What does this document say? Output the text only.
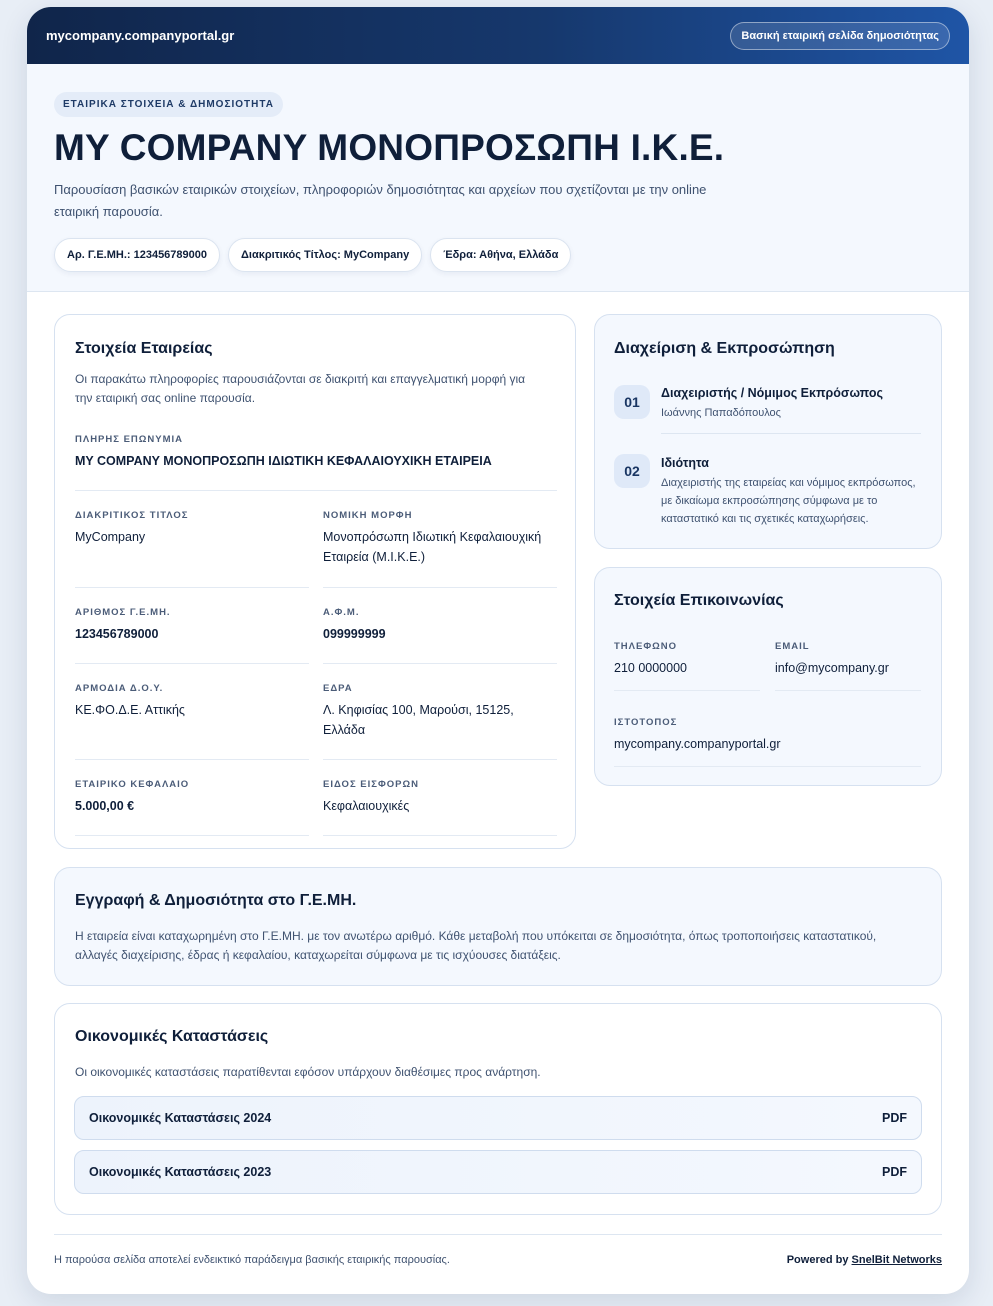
mycompany.companyportal.gr	Βασική εταιρική σελίδα δημοσιότητας
ΕΤΑΙΡΙΚΑ ΣΤΟΙΧΕΙΑ & ΔΗΜΟΣΙΟΤΗΤΑ
MY COMPANY ΜΟΝΟΠΡΟΣΩΠΗ Ι.Κ.Ε.

Παρουσίαση βασικών εταιρικών στοιχείων, πληροφοριών δημοσιότητας και αρχείων που σχετίζονται με την online εταιρική παρουσία.

Αρ. Γ.Ε.ΜΗ.: 123456789000	Διακριτικός Τίτλος: MyCompany	Έδρα: Αθήνα, Ελλάδα
Στοιχεία Εταιρείας
Οι παρακάτω πληροφορίες παρουσιάζονται σε διακριτή και επαγγελματική μορφή για την εταιρική σας online παρουσία.
ΠΛΗΡΗΣ ΕΠΩΝΥΜΙΑ
MY COMPANY ΜΟΝΟΠΡΟΣΩΠΗ ΙΔΙΩΤΙΚΗ ΚΕΦΑΛΑΙΟΥΧΙΚΗ ΕΤΑΙΡΕΙΑ
ΔΙΑΚΡΙΤΙΚΟΣ ΤΙΤΛΟΣ
MyCompany
ΝΟΜΙΚΗ ΜΟΡΦΗ
Μονοπρόσωπη Ιδιωτική Κεφαλαιουχική Εταιρεία (Μ.Ι.Κ.Ε.)
ΑΡΙΘΜΟΣ Γ.Ε.ΜΗ.
123456789000
Α.Φ.Μ.
099999999
ΑΡΜΟΔΙΑ Δ.Ο.Υ.
ΚΕ.ΦΟ.Δ.Ε. Αττικής
ΕΔΡΑ
Λ. Κηφισίας 100, Μαρούσι, 15125, Ελλάδα
ΕΤΑΙΡΙΚΟ ΚΕΦΑΛΑΙΟ
5.000,00 €
ΕΙΔΟΣ ΕΙΣΦΟΡΩΝ
Κεφαλαιουχικές
Διαχείριση & Εκπροσώπηση
01
Διαχειριστής / Νόμιμος Εκπρόσωπος
Ιωάννης Παπαδόπουλος
02	Ιδιότητα
Διαχειριστής της εταιρείας και νόμιμος εκπρόσωπος, με δικαίωμα εκπροσώπησης σύμφωνα με το καταστατικό και τις σχετικές καταχωρήσεις.
Στοιχεία Επικοινωνίας
ΤΗΛΕΦΩΝΟ
210 0000000
EMAIL
info@mycompany.gr
ΙΣΤΟΤΟΠΟΣ
mycompany.companyportal.gr
Εγγραφή & Δημοσιότητα στο Γ.Ε.ΜΗ.
Η εταιρεία είναι καταχωρημένη στο Γ.Ε.ΜΗ. με τον ανωτέρω αριθμό. Κάθε μεταβολή που υπόκειται σε δημοσιότητα, όπως τροποποιήσεις καταστατικού, αλλαγές διαχείρισης, έδρας ή κεφαλαίου, καταχωρείται σύμφωνα με τις ισχύουσες διατάξεις.
Οικονομικές Καταστάσεις
Οι οικονομικές καταστάσεις παρατίθενται εφόσον υπάρχουν διαθέσιμες προς ανάρτηση.
Οικονομικές Καταστάσεις 2024	PDF
Οικονομικές Καταστάσεις 2023	PDF
Η παρούσα σελίδα αποτελεί ενδεικτικό παράδειγμα βασικής εταιρικής παρουσίας.	Powered by SnelBit Networks
